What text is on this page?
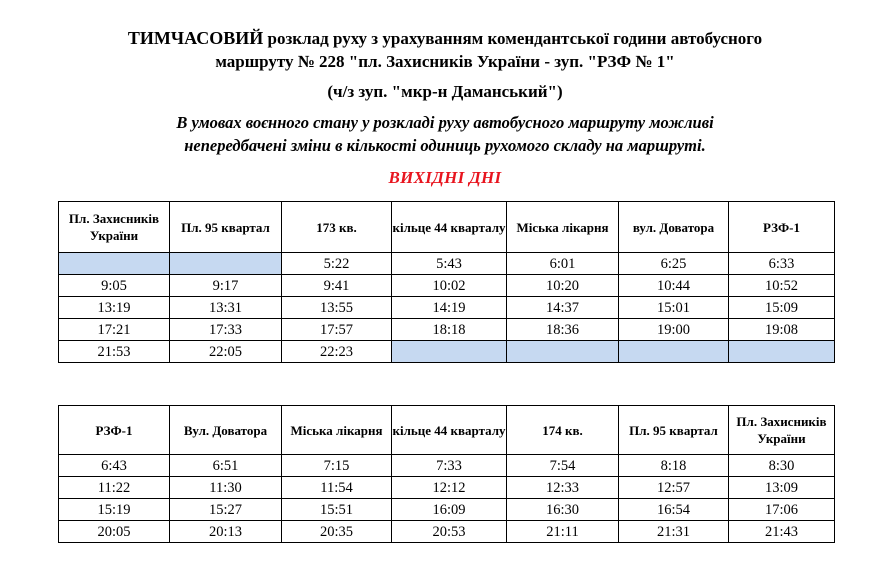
ТИМЧАСОВИЙ розклад руху з урахуванням комендантської години автобусного
маршруту № 228 "пл. Захисників України - зуп. "РЗФ № 1"
(ч/з зуп. "мкр-н Даманський")
В умовах воєнного стану у розкладі руху автобусного маршруту можливі
непередбачені зміни в кількості одиниць рухомого складу на маршруті.
ВИХІДНІ ДНІ
Пл. Захисників України	Пл. 95 квартал	173 кв.	кільце 44 кварталу	Міська лікарня	вул. Доватора	РЗФ-1
		5:22	5:43	6:01	6:25	6:33
9:05	9:17	9:41	10:02	10:20	10:44	10:52
13:19	13:31	13:55	14:19	14:37	15:01	15:09
17:21	17:33	17:57	18:18	18:36	19:00	19:08
21:53	22:05	22:23				
РЗФ-1	Вул. Доватора	Міська лікарня	кільце 44 кварталу	174 кв.	Пл. 95 квартал	Пл. Захисників України
6:43	6:51	7:15	7:33	7:54	8:18	8:30
11:22	11:30	11:54	12:12	12:33	12:57	13:09
15:19	15:27	15:51	16:09	16:30	16:54	17:06
20:05	20:13	20:35	20:53	21:11	21:31	21:43
